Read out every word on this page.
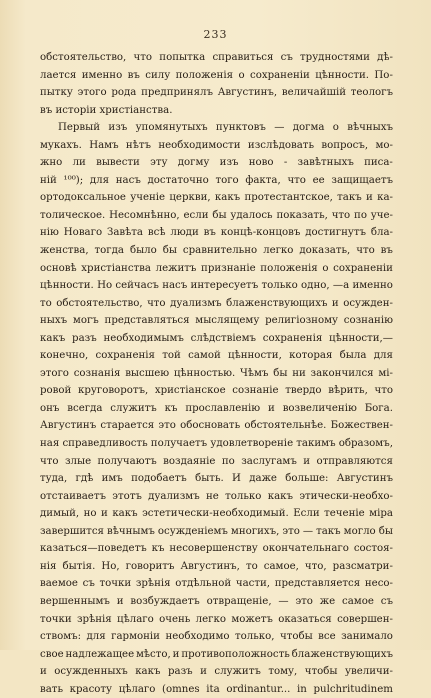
233
обстоятельство, что попытка справиться съ трудностями дѣ-
лается именно въ силу положенія о сохраненіи цѣнности. По-
пытку этого рода предпринялъ Августинъ, величайшій теологъ
въ исторіи христіанства.
Первый изъ упомянутыхъ пунктовъ — догма о вѣчныхъ
мукахъ. Намъ нѣтъ необходимости изслѣдовать вопросъ, мо-
жно ли вывести эту догму изъ ново - завѣтныхъ писа-
ній ¹⁰⁰); для насъ достаточно того факта, что ее защищаетъ
ортодоксальное ученіе церкви, какъ протестантское, такъ и ка-
толическое. Несомнѣнно, если бы удалось показать, что по уче-
нію Новаго Завѣта всѣ люди въ концѣ-концовъ достигнутъ бла-
женства, тогда было бы сравнительно легко доказать, что въ
основѣ христіанства лежитъ признаніе положенія о сохраненіи
цѣнности. Но сейчасъ насъ интересуетъ только одно, —а именно
то обстоятельство, что дуализмъ блаженствующихъ и осужден-
ныхъ могъ представляться мыслящему религіозному сознанію
какъ разъ необходимымъ слѣдствіемъ сохраненія цѣнности,—
конечно, сохраненія той самой цѣнности, которая была для
этого сознанія высшею цѣнностью. Чѣмъ бы ни закончился мі-
ровой круговоротъ, христіанское сознаніе твердо вѣрить, что
онъ всегда служитъ къ прославленію и возвеличенію Бога.
Августинъ старается это обосновать обстоятельнѣе. Божествен-
ная справедливость получаетъ удовлетвореніе такимъ образомъ,
что злые получаютъ воздаяніе по заслугамъ и отправляются
туда, гдѣ имъ подобаетъ быть. И даже больше: Августинъ
отстаиваетъ этотъ дуализмъ не только какъ этически-необхо-
димый, но и какъ эстетически-необходимый. Если теченіе міра
завершится вѣчнымъ осужденіемъ многихъ, это — такъ могло бы
казаться—поведетъ къ несовершенству окончательнаго состоя-
нія бытія. Но, говоритъ Августинъ, то самое, что, разсматри-
ваемое съ точки зрѣнія отдѣльной части, представляется несо-
вершеннымъ и возбуждаетъ отвращеніе, — это же самое съ
точки зрѣнія цѣлаго очень легко можетъ оказаться совершен-
ствомъ: для гармоніи необходимо только, чтобы все занимало
свое надлежащее мѣсто, и противоположность блаженствующихъ
и осужденныхъ какъ разъ и служитъ тому, чтобы увеличи-
вать красоту цѣлаго (omnes ita ordinantur... in pulchritudinem
